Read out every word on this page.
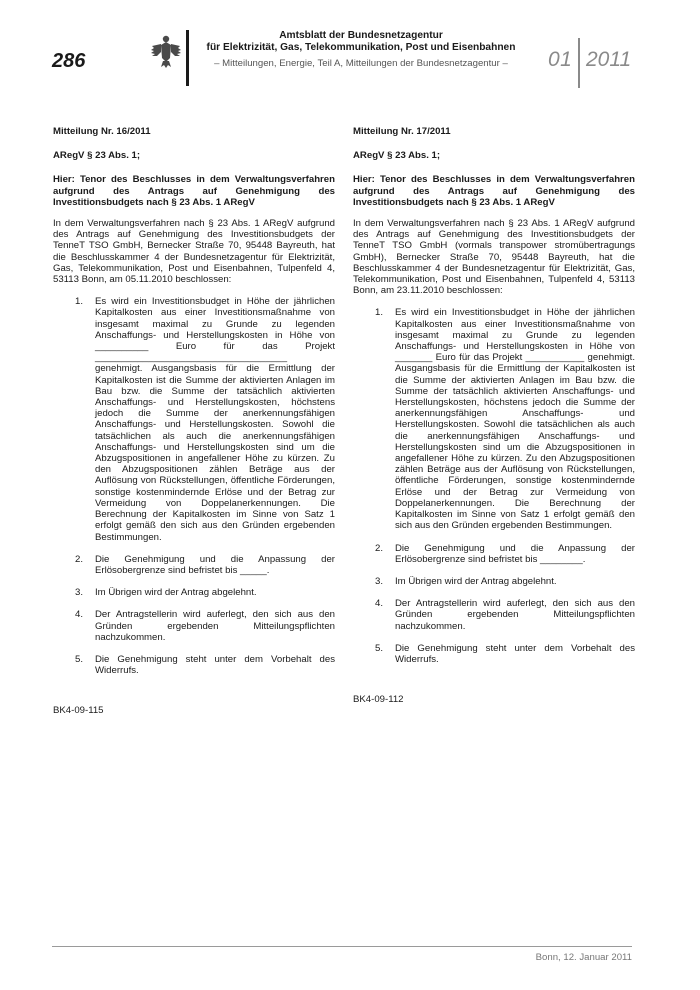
286
Amtsblatt der Bundesnetzagentur
für Elektrizität, Gas, Telekommunikation, Post und Eisenbahnen
– Mitteilungen, Energie, Teil A, Mitteilungen der Bundesnetzagentur –	01 2011

Mitteilung Nr. 16/2011

ARegV § 23 Abs. 1;

Hier: Tenor des Beschlusses in dem Verwaltungsverfahren aufgrund des Antrags auf Genehmigung des Investitionsbudgets nach § 23 Abs. 1 ARegV

In dem Verwaltungsverfahren nach § 23 Abs. 1 ARegV aufgrund des Antrags auf Genehmigung des Investitionsbudgets der TenneT TSO GmbH, Bernecker Straße 70, 95448 Bayreuth, hat die Beschlusskammer 4 der Bundesnetzagentur für Elektrizität, Gas, Telekommunikation, Post und Eisenbahnen, Tulpenfeld 4, 53113 Bonn, am 05.11.2010 beschlossen:

1. Es wird ein Investitionsbudget in Höhe der jährlichen Kapitalkosten aus einer Investitionsmaßnahme von insgesamt maximal zu Grunde zu legenden Anschaffungs- und Herstellungskosten in Höhe von __________ Euro für das Projekt ____________________________________ genehmigt. Ausgangsbasis für die Ermittlung der Kapitalkosten ist die Summe der aktivierten Anlagen im Bau bzw. die Summe der tatsächlich aktivierten Anschaffungs- und Herstellungskosten, höchstens jedoch die Summe der anerkennungsfähigen Anschaffungs- und Herstellungskosten. Sowohl die tatsächlichen als auch die anerkennungsfähigen Anschaffungs- und Herstellungskosten sind um die Abzugspositionen in angefallener Höhe zu kürzen. Zu den Abzugspositionen zählen Beträge aus der Auflösung von Rückstellungen, öffentliche Förderungen, sonstige kostenmindernde Erlöse und der Betrag zur Vermeidung von Doppelanerkennungen. Die Berechnung der Kapitalkosten im Sinne von Satz 1 erfolgt gemäß den sich aus den Gründen ergebenden Bestimmungen.
2. Die Genehmigung und die Anpassung der Erlösobergrenze sind befristet bis _____.
3. Im Übrigen wird der Antrag abgelehnt.
4. Der Antragstellerin wird auferlegt, den sich aus den Gründen ergebenden Mitteilungspflichten nachzukommen.
5. Die Genehmigung steht unter dem Vorbehalt des Widerrufs.

BK4-09-115

Mitteilung Nr. 17/2011

ARegV § 23 Abs. 1;

Hier: Tenor des Beschlusses in dem Verwaltungsverfahren aufgrund des Antrags auf Genehmigung des Investitionsbudgets nach § 23 Abs. 1 ARegV

In dem Verwaltungsverfahren nach § 23 Abs. 1 ARegV aufgrund des Antrags auf Genehmigung des Investitionsbudgets der TenneT TSO GmbH (vormals transpower stromübertragungs GmbH), Bernecker Straße 70, 95448 Bayreuth, hat die Beschlusskammer 4 der Bundesnetzagentur für Elektrizität, Gas, Telekommunikation, Post und Eisenbahnen, Tulpenfeld 4, 53113 Bonn, am 23.11.2010 beschlossen:

1. Es wird ein Investitionsbudget in Höhe der jährlichen Kapitalkosten aus einer Investitionsmaßnahme von insgesamt maximal zu Grunde zu legenden Anschaffungs- und Herstellungskosten in Höhe von _______ Euro für das Projekt ___________ genehmigt. Ausgangsbasis für die Ermittlung der Kapitalkosten ist die Summe der aktivierten Anlagen im Bau bzw. die Summe der tatsächlich aktivierten Anschaffungs- und Herstellungskosten, höchstens jedoch die Summe der anerkennungsfähigen Anschaffungs- und Herstellungskosten. Sowohl die tatsächlichen als auch die anerkennungsfähigen Anschaffungs- und Herstellungskosten sind um die Abzugspositionen in angefallener Höhe zu kürzen. Zu den Abzugspositionen zählen Beträge aus der Auflösung von Rückstellungen, öffentliche Förderungen, sonstige kostenmindernde Erlöse und der Betrag zur Vermeidung von Doppelanerkennungen. Die Berechnung der Kapitalkosten im Sinne von Satz 1 erfolgt gemäß den sich aus den Gründen ergebenden Bestimmungen.
2. Die Genehmigung und die Anpassung der Erlösobergrenze sind befristet bis ________.
3. Im Übrigen wird der Antrag abgelehnt.
4. Der Antragstellerin wird auferlegt, den sich aus den Gründen ergebenden Mitteilungspflichten nachzukommen.
5. Die Genehmigung steht unter dem Vorbehalt des Widerrufs.

BK4-09-112

Bonn, 12. Januar 2011
